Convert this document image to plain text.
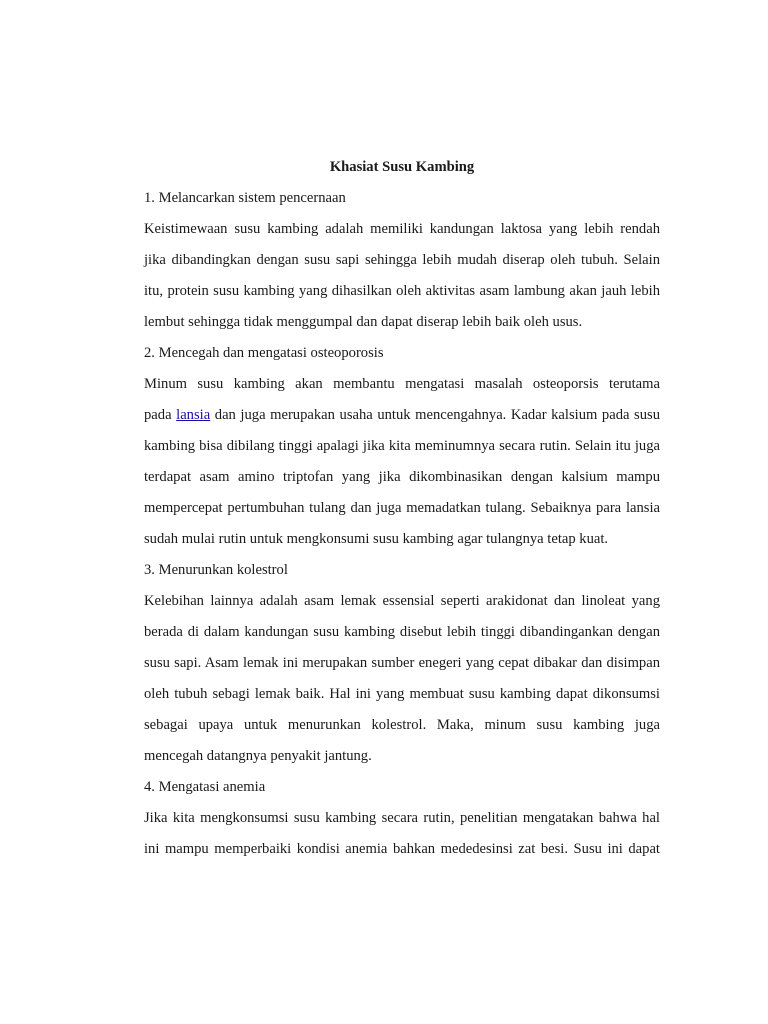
Khasiat Susu Kambing
1. Melancarkan sistem pencernaan

Keistimewaan susu kambing adalah memiliki kandungan laktosa yang lebih rendah
jika dibandingkan dengan susu sapi sehingga lebih mudah diserap oleh tubuh. Selain
itu, protein susu kambing yang dihasilkan oleh aktivitas asam lambung akan jauh lebih
lembut sehingga tidak menggumpal dan dapat diserap lebih baik oleh usus.

2. Mencegah dan mengatasi osteoporosis

Minum susu kambing akan membantu mengatasi masalah osteoporsis terutama
pada lansia dan juga merupakan usaha untuk mencengahnya. Kadar kalsium pada susu
kambing bisa dibilang tinggi apalagi jika kita meminumnya secara rutin. Selain itu juga
terdapat asam amino triptofan yang jika dikombinasikan dengan kalsium mampu
mempercepat pertumbuhan tulang dan juga memadatkan tulang. Sebaiknya para lansia
sudah mulai rutin untuk mengkonsumi susu kambing agar tulangnya tetap kuat.

3. Menurunkan kolestrol

Kelebihan lainnya adalah asam lemak essensial seperti arakidonat dan linoleat yang
berada di dalam kandungan susu kambing disebut lebih tinggi dibandingankan dengan
susu sapi. Asam lemak ini merupakan sumber enegeri yang cepat dibakar dan disimpan
oleh tubuh sebagi lemak baik. Hal ini yang membuat susu kambing dapat dikonsumsi
sebagai upaya untuk menurunkan kolestrol. Maka, minum susu kambing juga
mencegah datangnya penyakit jantung.

4. Mengatasi anemia

Jika kita mengkonsumsi susu kambing secara rutin, penelitian mengatakan bahwa hal
ini mampu memperbaiki kondisi anemia bahkan mededesinsi zat besi. Susu ini dapat
